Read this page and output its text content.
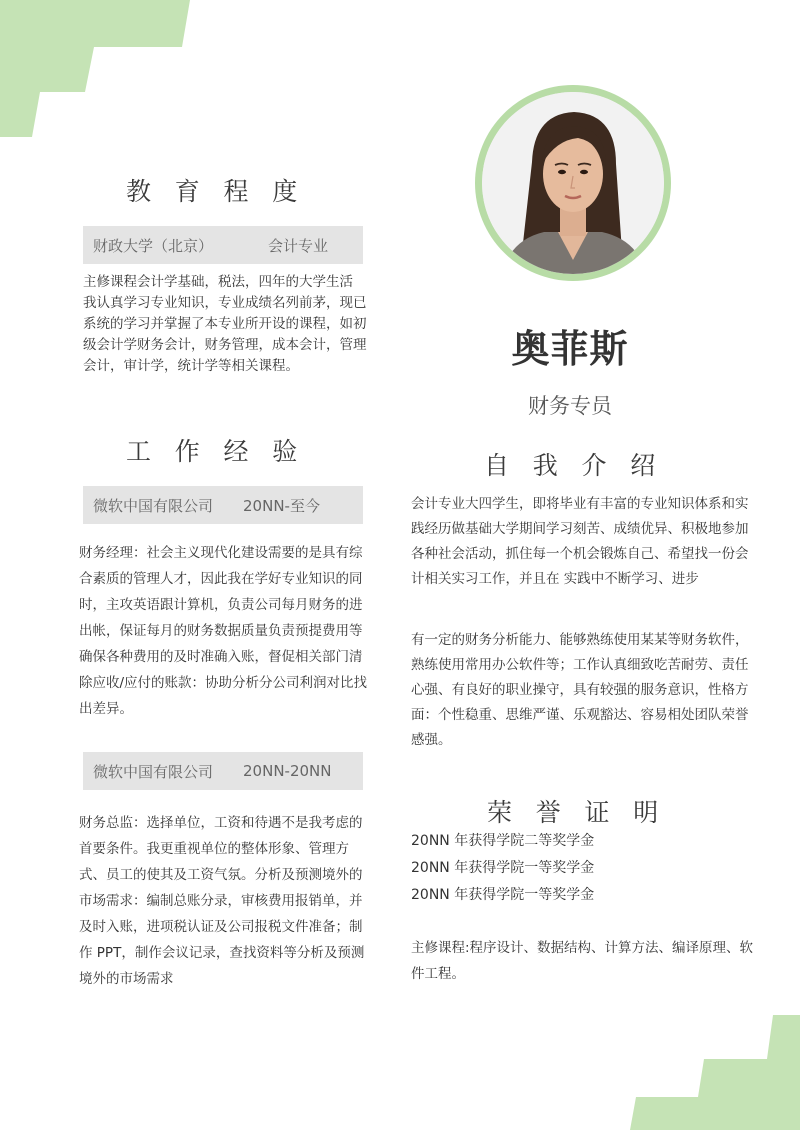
教育程度
财政大学（北京）	会计专业

主修课程会计学基础，税法，四年的大学生活 我认真学习专业知识，专业成绩名列前茅，现已系统的学习并掌握了本专业所开设的课程，如初级会计学财务会计，财务管理，成本会计，管理会计，审计学，统计学等相关课程。

工作经验
微软中国有限公司 20NN-至今

财务经理：社会主义现代化建设需要的是具有综合素质的管理人才，因此我在学好专业知识的同时，主攻英语跟计算机，负责公司每月财务的进出帐，保证每月的财务数据质量负责预提费用等确保各种费用的及时准确入账，督促相关部门清除应收/应付的账款：协助分析分公司利润对比找出差异。

微软中国有限公司 20NN-20NN

财务总监：选择单位，工资和待遇不是我考虑的首要条件。我更重视单位的整体形象、管理方式、员工的使其及工资气氛。分析及预测境外的市场需求：编制总账分录，审核费用报销单，并及时入账，进项税认证及公司报税文件准备；制作 PPT，制作会议记录，查找资料等分析及预测境外的市场需求

奥菲斯
财务专员
自我介绍

会计专业大四学生，即将毕业有丰富的专业知识体系和实践经历做基础大学期间学习刻苦、成绩优异、积极地参加各种社会活动，抓住每一个机会锻炼自己、希望找一份会计相关实习工作，并且在 实践中不断学习、进步

有一定的财务分析能力、能够熟练使用某某等财务软件，熟练使用常用办公软件等；工作认真细致吃苦耐劳、责任心强、有良好的职业操守，具有较强的服务意识，性格方面：个性稳重、思维严谨、乐观豁达、容易相处团队荣誉感强。

荣誉证明
20NN 年获得学院二等奖学金
20NN 年获得学院一等奖学金
20NN 年获得学院一等奖学金

主修课程:程序设计、数据结构、计算方法、编译原理、软件工程。
